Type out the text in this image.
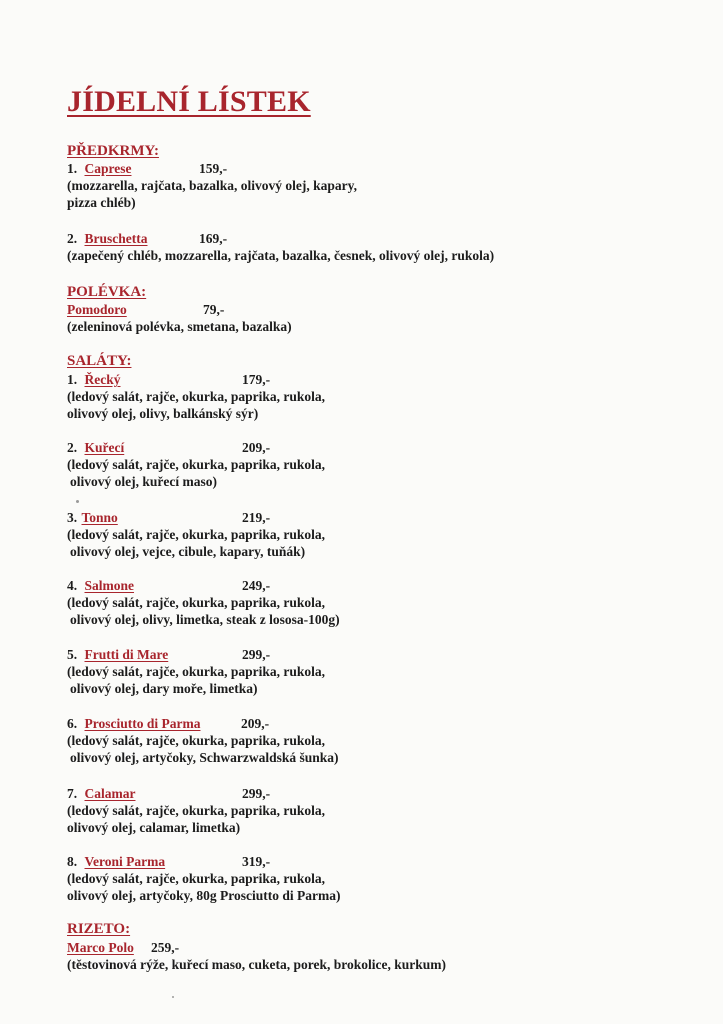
JÍDELNÍ LÍSTEK
PŘEDKRMY:
1. Caprese	159,-
(mozzarella, rajčata, bazalka, olivový olej, kapary,
pizza chléb)
2. Bruschetta	169,-
(zapečený chléb, mozzarella, rajčata, bazalka, česnek, olivový olej, rukola)
POLÉVKA:
Pomodoro	79,-
(zeleninová polévka, smetana, bazalka)
SALÁTY:
1. Řecký	179,-
(ledový salát, rajče, okurka, paprika, rukola,
olivový olej, olivy, balkánský sýr)
2. Kuřecí	209,-
(ledový salát, rajče, okurka, paprika, rukola,
olivový olej, kuřecí maso)
3. Tonno	219,-
(ledový salát, rajče, okurka, paprika, rukola,
olivový olej, vejce, cibule, kapary, tuňák)
4. Salmone	249,-
(ledový salát, rajče, okurka, paprika, rukola,
olivový olej, olivy, limetka, steak z lososa-100g)
5. Frutti di Mare	299,-
(ledový salát, rajče, okurka, paprika, rukola,
olivový olej, dary moře, limetka)
6. Prosciutto di Parma	209,-
(ledový salát, rajče, okurka, paprika, rukola,
olivový olej, artyčoky, Schwarzwaldská šunka)
7. Calamar	299,-
(ledový salát, rajče, okurka, paprika, rukola,
olivový olej, calamar, limetka)
8. Veroni Parma	319,-
(ledový salát, rajče, okurka, paprika, rukola,
olivový olej, artyčoky, 80g Prosciutto di Parma)
RIZETO:
Marco Polo 259,-
(těstovinová rýže, kuřecí maso, cuketa, porek, brokolice, kurkum)
